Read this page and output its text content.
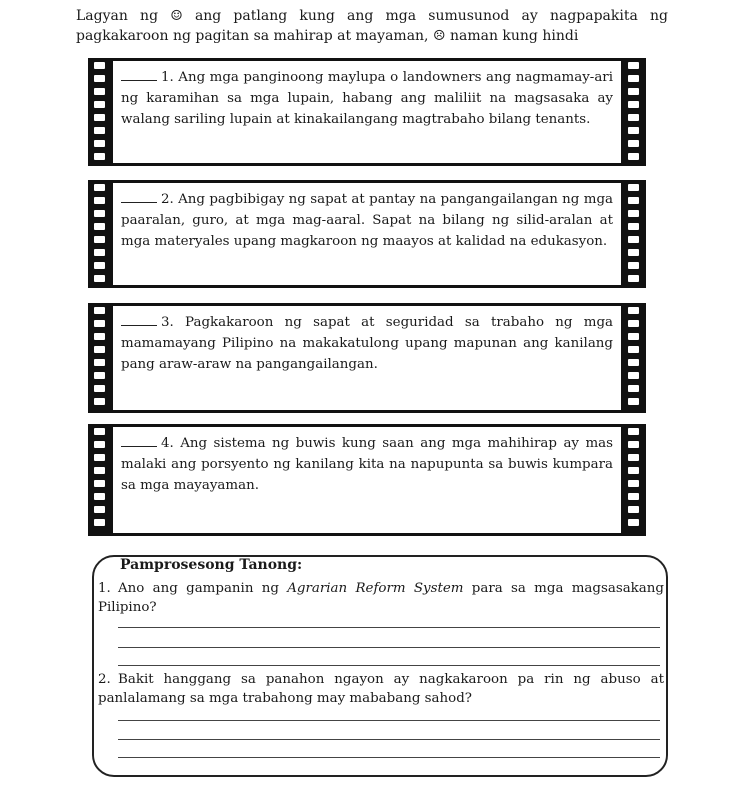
Lagyan ng ☺ ang patlang kung ang mga sumusunod ay nagpapakita ng pagkakaroon ng pagitan sa mahirap at mayaman, ☹ naman kung hindi
1. Ang mga panginoong maylupa o landowners ang nagmamay-ari ng karamihan sa mga lupain, habang ang maliliit na magsasaka ay walang sariling lupain at kinakailangang magtrabaho bilang tenants.
2. Ang pagbibigay ng sapat at pantay na pangangailangan ng mga paaralan, guro, at mga mag-aaral. Sapat na bilang ng silid-aralan at mga materyales upang magkaroon ng maayos at kalidad na edukasyon.
3. Pagkakaroon ng sapat at seguridad sa trabaho ng mga mamamayang Pilipino na makakatulong upang mapunan ang kanilang pang araw-araw na pangangailangan.
4. Ang sistema ng buwis kung saan ang mga mahihirap ay mas malaki ang porsyento ng kanilang kita na napupunta sa buwis kumpara sa mga mayayaman.
Pamprosesong Tanong:
1. Ano ang gampanin ng Agrarian Reform System para sa mga magsasakang Pilipino?
2. Bakit hanggang sa panahon ngayon ay nagkakaroon pa rin ng abuso at panlalamang sa mga trabahong may mababang sahod?
